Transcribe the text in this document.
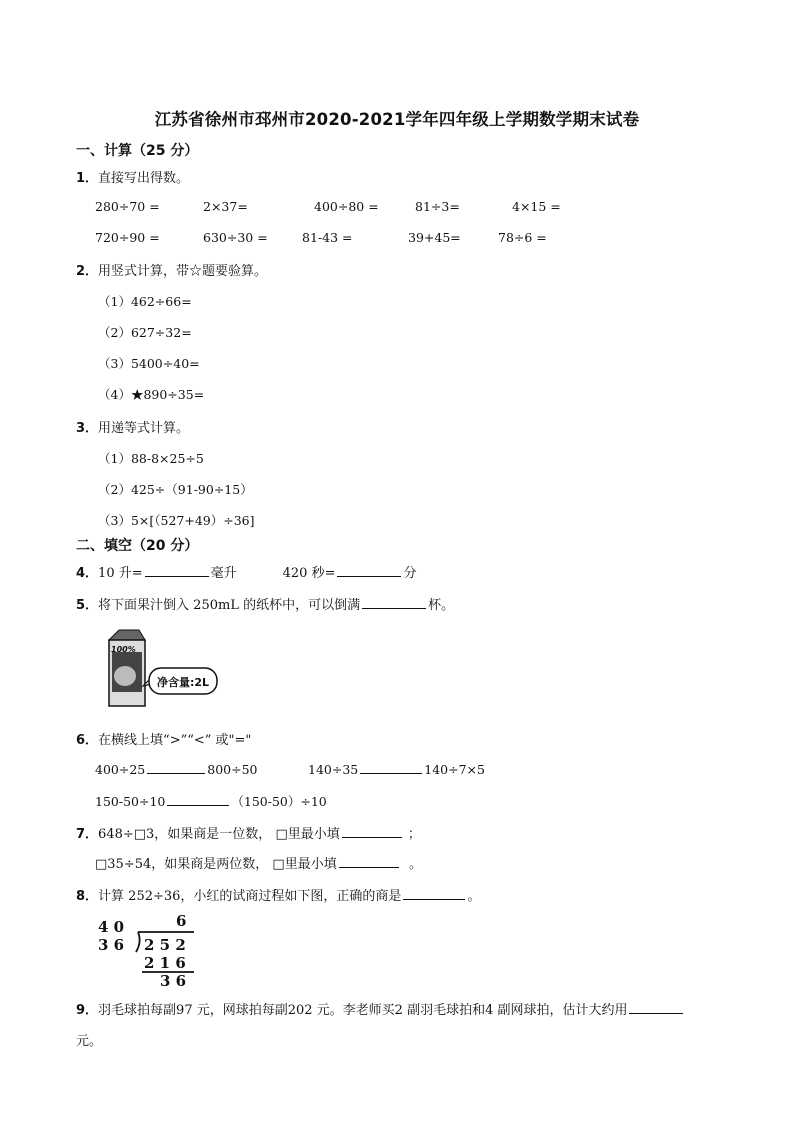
江苏省徐州市邳州市2020-2021学年四年级上学期数学期末试卷
一、计算（25 分）
1．直接写出得数。
280÷70 =	2×37=	400÷80 =	81÷3=	4×15 =
720÷90 =	630÷30 =	81-43 =	39+45=	78÷6 =
2．用竖式计算，带☆题要验算。
（1）462÷66=
（2）627÷32=
（3）5400÷40=
（4）★890÷35=
3．用递等式计算。
（1）88-8×25÷5
（2）425÷（91-90÷15）
（3）5×[（527+49）÷36]
二、填空（20 分）
4．10 升=	毫升	420 秒=	分
5．将下面果汁倒入 250mL 的纸杯中，可以倒满	杯。
100%
净含量:2L
6．在横线上填“>”“<” 或"="
400÷25	800÷50	140÷35	140÷7×5
150-50÷10	（150-50）÷10
7．648÷□3，如果商是一位数， □里最小填	；
□35÷54，如果商是两位数， □里最小填	。
8．计算 252÷36，小红的试商过程如下图，正确的商是	。
4 0
3 6
6
2 5 2
2 1 6
3 6
9．羽毛球拍每副97 元，网球拍每副202 元。李老师买2 副羽毛球拍和4 副网球拍，估计大约用
元。
